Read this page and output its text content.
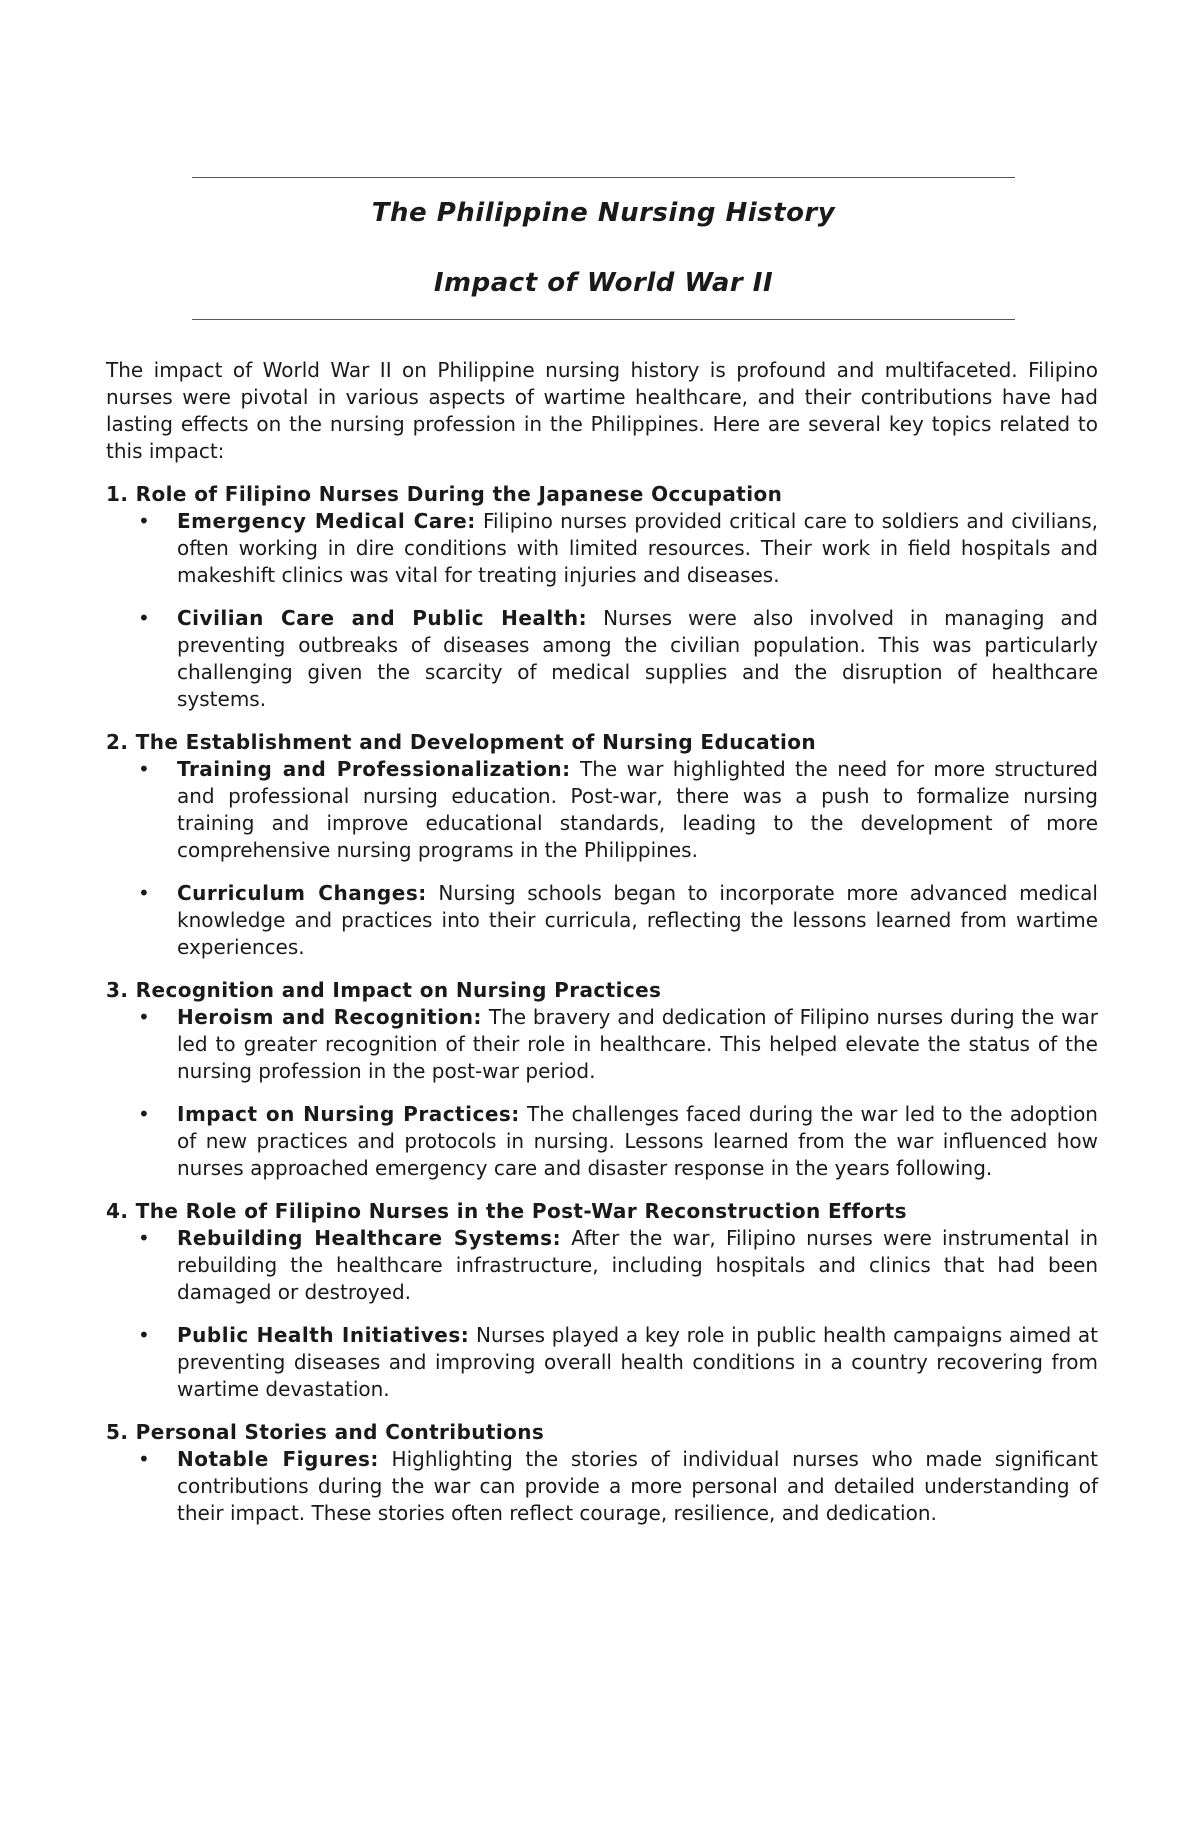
The Philippine Nursing History
Impact of World War II

The impact of World War II on Philippine nursing history is profound and multifaceted. Filipino nurses were pivotal in various aspects of wartime healthcare, and their contributions have had lasting effects on the nursing profession in the Philippines. Here are several key topics related to this impact:

1. Role of Filipino Nurses During the Japanese Occupation

• Emergency Medical Care: Filipino nurses provided critical care to soldiers and civilians, often working in dire conditions with limited resources. Their work in field hospitals and makeshift clinics was vital for treating injuries and diseases.
• Civilian Care and Public Health: Nurses were also involved in managing and preventing outbreaks of diseases among the civilian population. This was particularly challenging given the scarcity of medical supplies and the disruption of healthcare systems.

2. The Establishment and Development of Nursing Education

• Training and Professionalization: The war highlighted the need for more structured and professional nursing education. Post-war, there was a push to formalize nursing training and improve educational standards, leading to the development of more comprehensive nursing programs in the Philippines.
• Curriculum Changes: Nursing schools began to incorporate more advanced medical knowledge and practices into their curricula, reflecting the lessons learned from wartime experiences.

3. Recognition and Impact on Nursing Practices

• Heroism and Recognition: The bravery and dedication of Filipino nurses during the war led to greater recognition of their role in healthcare. This helped elevate the status of the nursing profession in the post-war period.
• Impact on Nursing Practices: The challenges faced during the war led to the adoption of new practices and protocols in nursing. Lessons learned from the war influenced how nurses approached emergency care and disaster response in the years following.

4. The Role of Filipino Nurses in the Post-War Reconstruction Efforts

• Rebuilding Healthcare Systems: After the war, Filipino nurses were instrumental in rebuilding the healthcare infrastructure, including hospitals and clinics that had been damaged or destroyed.
• Public Health Initiatives: Nurses played a key role in public health campaigns aimed at preventing diseases and improving overall health conditions in a country recovering from wartime devastation.

5. Personal Stories and Contributions

• Notable Figures: Highlighting the stories of individual nurses who made significant contributions during the war can provide a more personal and detailed understanding of their impact. These stories often reflect courage, resilience, and dedication.
